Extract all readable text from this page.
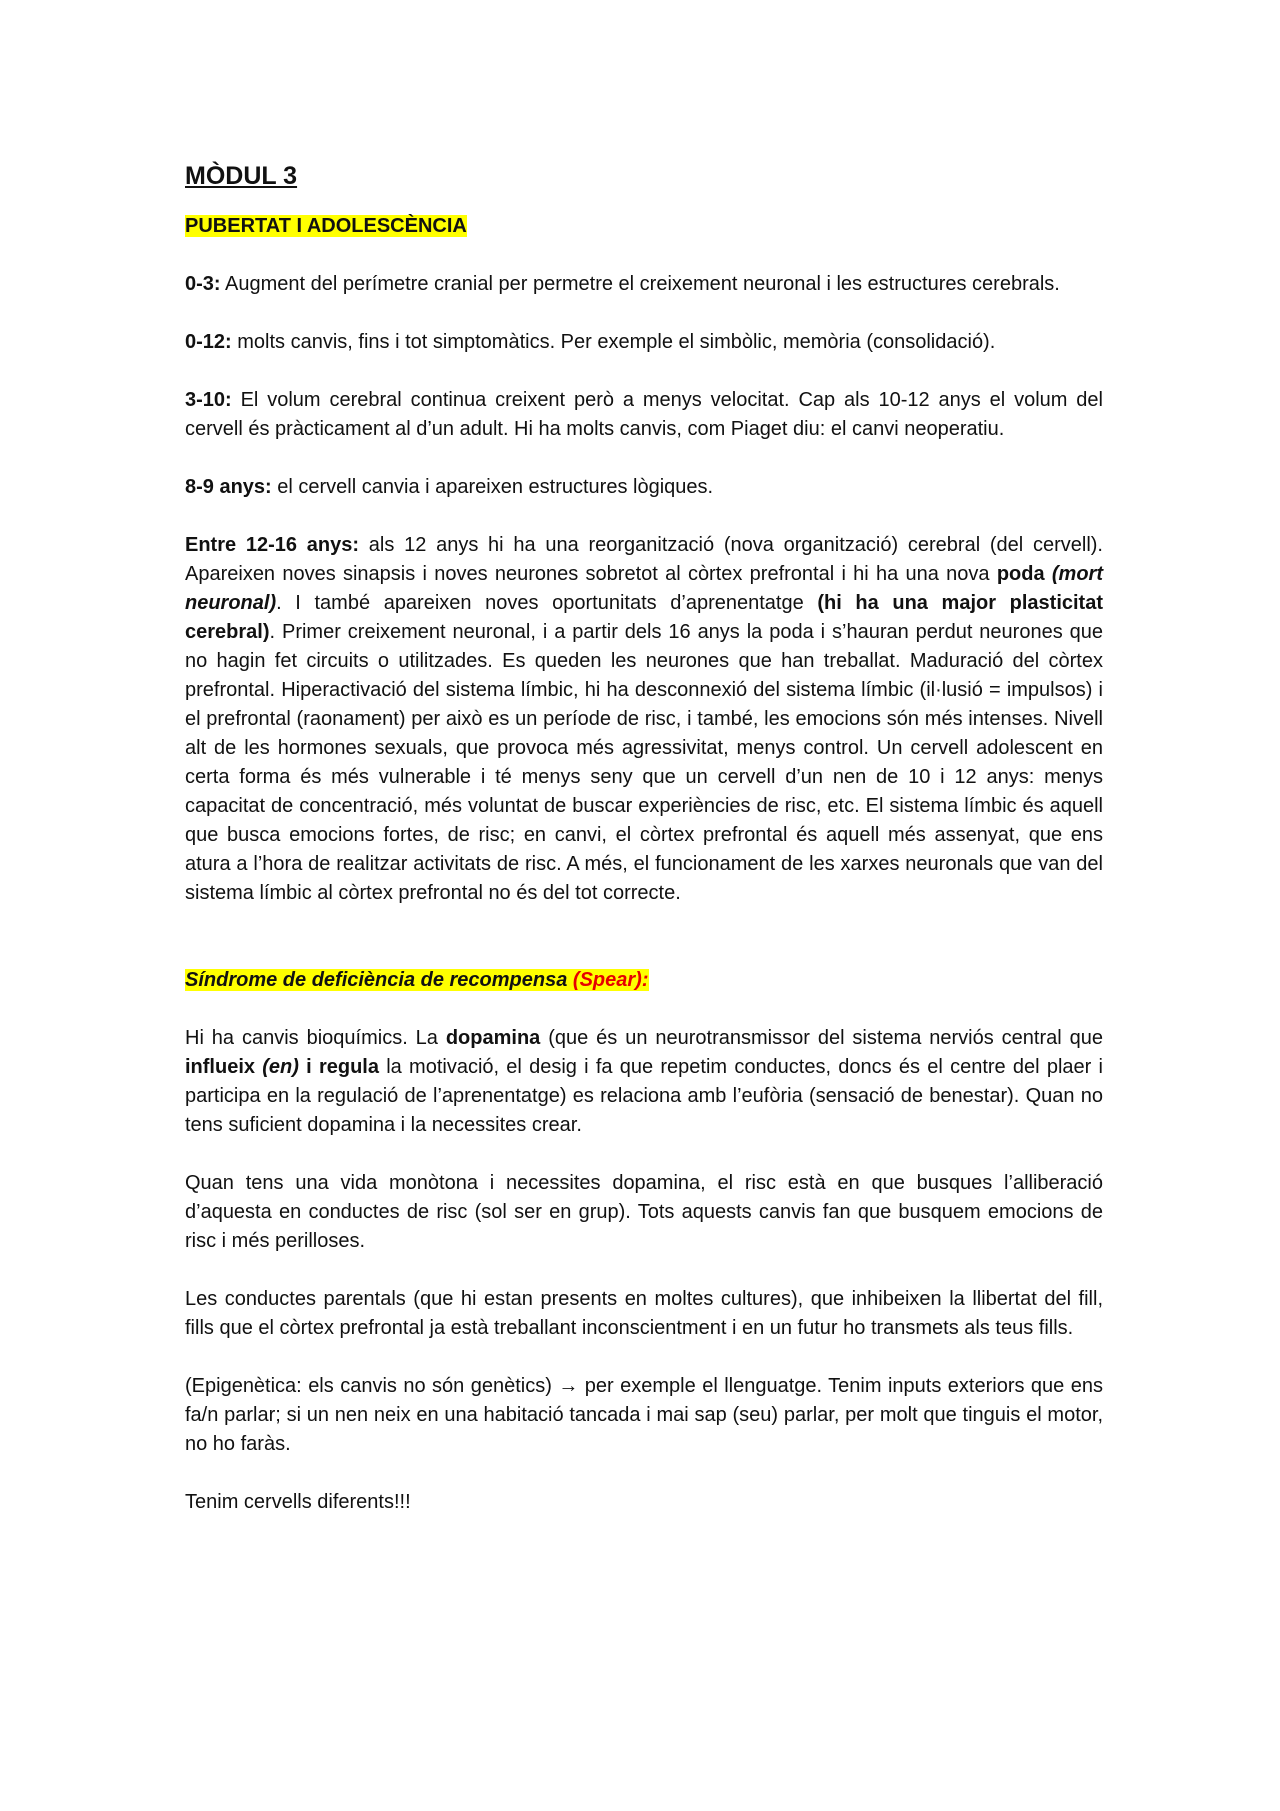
MÒDUL 3
PUBERTAT I ADOLESCÈNCIA

0-3: Augment del perímetre cranial per permetre el creixement neuronal i les estructures cerebrals.

0-12: molts canvis, fins i tot simptomàtics. Per exemple el simbòlic, memòria (consolidació).

3-10: El volum cerebral continua creixent però a menys velocitat. Cap als 10-12 anys el volum del cervell és pràcticament al d’un adult. Hi ha molts canvis, com Piaget diu: el canvi neoperatiu.

8-9 anys: el cervell canvia i apareixen estructures lògiques.

Entre 12-16 anys: als 12 anys hi ha una reorganització (nova organització) cerebral (del cervell). Apareixen noves sinapsis i noves neurones sobretot al còrtex prefrontal i hi ha una nova poda (mort neuronal). I també apareixen noves oportunitats d’aprenentatge (hi ha una major plasticitat cerebral). Primer creixement neuronal, i a partir dels 16 anys la poda i s’hauran perdut neurones que no hagin fet circuits o utilitzades. Es queden les neurones que han treballat. Maduració del còrtex prefrontal. Hiperactivació del sistema límbic, hi ha desconnexió del sistema límbic (il·lusió = impulsos) i el prefrontal (raonament) per això es un període de risc, i també, les emocions són més intenses. Nivell alt de les hormones sexuals, que provoca més agressivitat, menys control. Un cervell adolescent en certa forma és més vulnerable i té menys seny que un cervell d’un nen de 10 i 12 anys: menys capacitat de concentració, més voluntat de buscar experiències de risc, etc. El sistema límbic és aquell que busca emocions fortes, de risc; en canvi, el còrtex prefrontal és aquell més assenyat, que ens atura a l’hora de realitzar activitats de risc. A més, el funcionament de les xarxes neuronals que van del sistema límbic al còrtex prefrontal no és del tot correcte.

Síndrome de deficiència de recompensa (Spear):

Hi ha canvis bioquímics. La dopamina (que és un neurotransmissor del sistema nerviós central que influeix (en) i regula la motivació, el desig i fa que repetim conductes, doncs és el centre del plaer i participa en la regulació de l’aprenentatge) es relaciona amb l’eufòria (sensació de benestar). Quan no tens suficient dopamina i la necessites crear.

Quan tens una vida monòtona i necessites dopamina, el risc està en que busques l’alliberació d’aquesta en conductes de risc (sol ser en grup). Tots aquests canvis fan que busquem emocions de risc i més perilloses.

Les conductes parentals (que hi estan presents en moltes cultures), que inhibeixen la llibertat del fill, fills que el còrtex prefrontal ja està treballant inconscientment i en un futur ho transmets als teus fills.

(Epigenètica: els canvis no són genètics) → per exemple el llenguatge. Tenim inputs exteriors que ens fa/n parlar; si un nen neix en una habitació tancada i mai sap (seu) parlar, per molt que tinguis el motor, no ho faràs.

Tenim cervells diferents!!!
